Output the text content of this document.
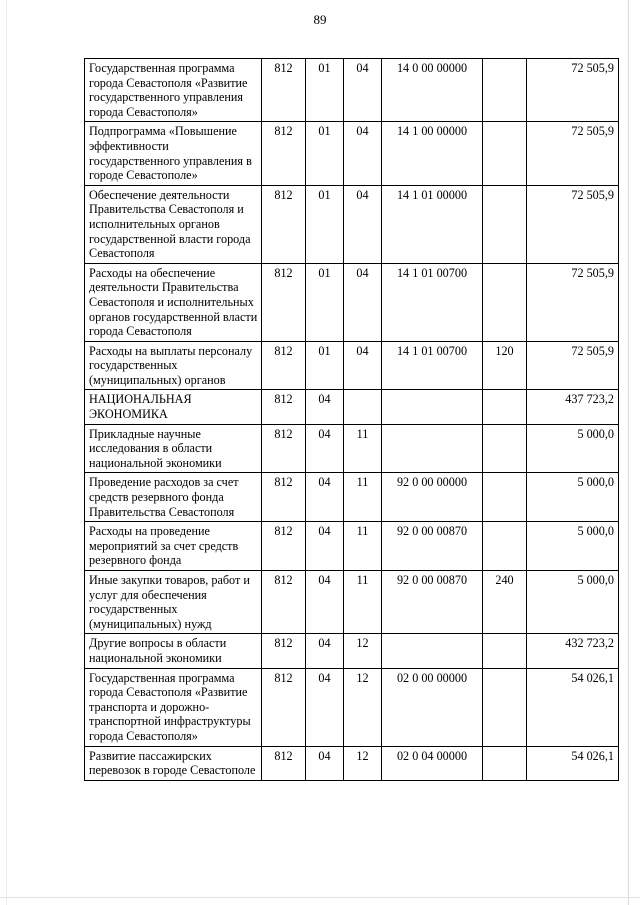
89
Государственная программа города Севастополя «Развитие государственного управления города Севастополя»	812	01	04	14 0 00 00000		72 505,9
Подпрограмма «Повышение эффективности государственного управления в городе Севастополе»	812	01	04	14 1 00 00000		72 505,9
Обеспечение деятельности Правительства Севастополя и исполнительных органов государственной власти города Севастополя	812	01	04	14 1 01 00000		72 505,9
Расходы на обеспечение деятельности Правительства Севастополя и исполнительных органов государственной власти города Севастополя	812	01	04	14 1 01 00700		72 505,9
Расходы на выплаты персоналу государственных (муниципальных) органов	812	01	04	14 1 01 00700	120	72 505,9
НАЦИОНАЛЬНАЯ ЭКОНОМИКА	812	04				437 723,2
Прикладные научные исследования в области национальной экономики	812	04	11			5 000,0
Проведение расходов за счет средств резервного фонда Правительства Севастополя	812	04	11	92 0 00 00000		5 000,0
Расходы на проведение мероприятий за счет средств резервного фонда	812	04	11	92 0 00 00870		5 000,0
Иные закупки товаров, работ и услуг для обеспечения государственных (муниципальных) нужд	812	04	11	92 0 00 00870	240	5 000,0
Другие вопросы в области национальной экономики	812	04	12			432 723,2
Государственная программа города Севастополя «Развитие транспорта и дорожно-транспортной инфраструктуры города Севастополя»	812	04	12	02 0 00 00000		54 026,1
Развитие пассажирских перевозок в городе Севастополе	812	04	12	02 0 04 00000		54 026,1
